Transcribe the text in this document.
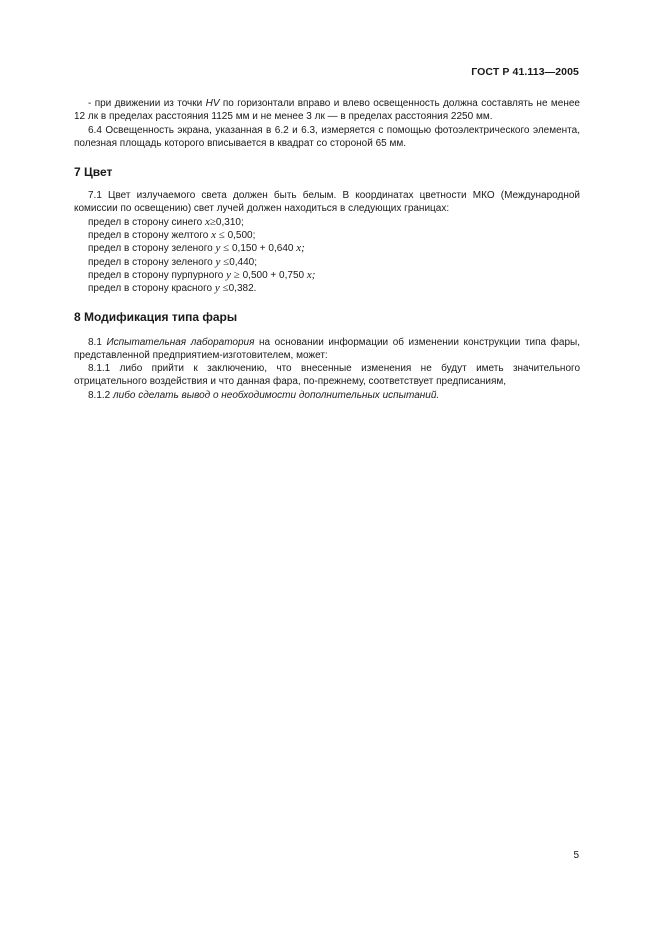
ГОСТ Р 41.113—2005

- при движении из точки HV по горизонтали вправо и влево освещенность должна составлять не менее 12 лк в пределах расстояния 1125 мм и не менее 3 лк — в пределах расстояния 2250 мм.

6.4 Освещенность экрана, указанная в 6.2 и 6.3, измеряется с помощью фотоэлектрического элемента, полезная площадь которого вписывается в квадрат со стороной 65 мм.

7 Цвет

7.1 Цвет излучаемого света должен быть белым. В координатах цветности МКО (Международной комиссии по освещению) свет лучей должен находиться в следующих границах:

предел в сторону синего x≥0,310;

предел в сторону желтого x ≤ 0,500;

предел в сторону зеленого y ≤ 0,150 + 0,640 x;

предел в сторону зеленого y ≤0,440;

предел в сторону пурпурного y ≥ 0,500 + 0,750 x;

предел в сторону красного y ≤0,382.

8 Модификация типа фары

8.1 Испытательная лаборатория на основании информации об изменении конструкции типа фары, представленной предприятием-изготовителем, может:

8.1.1 либо прийти к заключению, что внесенные изменения не будут иметь значительного отрицательного воздействия и что данная фара, по-прежнему, соответствует предписаниям,

8.1.2 либо сделать вывод о необходимости дополнительных испытаний.

5
